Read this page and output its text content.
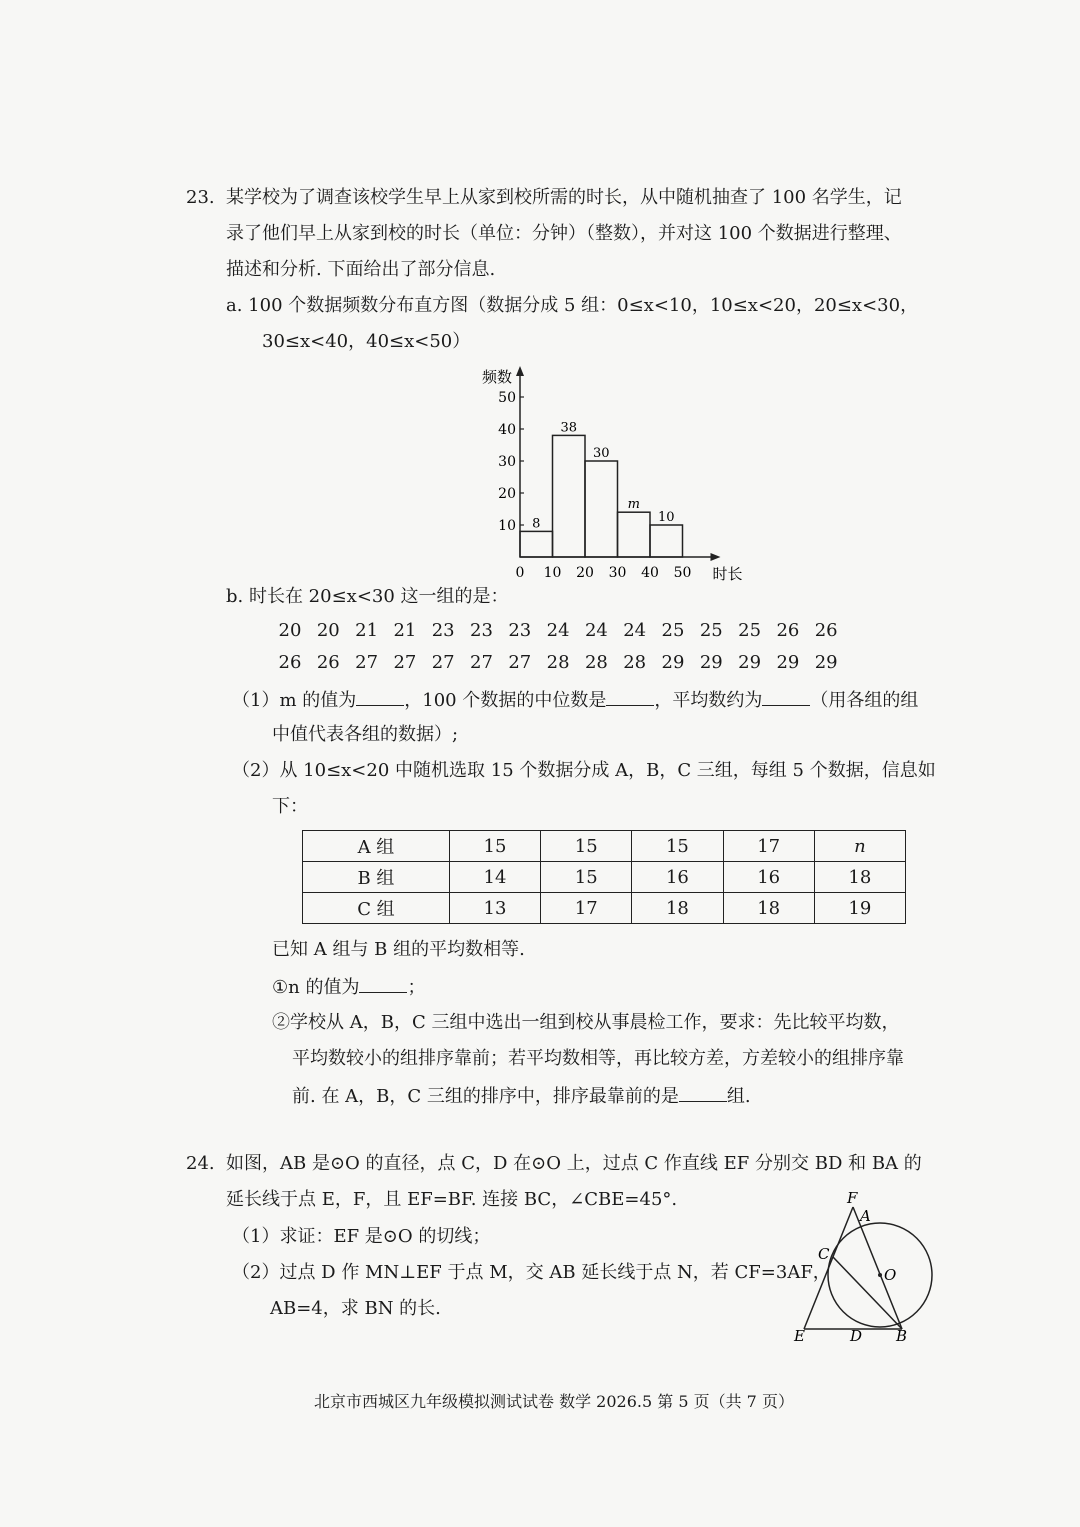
23. 某学校为了调查该校学生早上从家到校所需的时长，从中随机抽查了 100 名学生，记
录了他们早上从家到校的时长（单位：分钟）（整数），并对这 100 个数据进行整理、
描述和分析. 下面给出了部分信息.
a. 100 个数据频数分布直方图（数据分成 5 组：0≤x<10，10≤x<20，20≤x<30，
30≤x<40，40≤x<50）
频数
时长
10
20
30
40
50
0 10 20 30 40 50
8
38
30
m
10
b. 时长在 20≤x<30 这一组的是：
20 20 21 21 23 23 23 24 24 24 25 25 25 26 26
26 26 27 27 27 27 27 28 28 28 29 29 29 29 29
（1）m 的值为	，100 个数据的中位数是	，平均数约为	（用各组的组
中值代表各组的数据）;
（2）从 10≤x<20 中随机选取 15 个数据分成 A，B，C 三组，每组 5 个数据，信息如
下：
A 组	15	15	15	17	n
B 组	14	15	16	16	18
C 组	13	17	18	18	19
已知 A 组与 B 组的平均数相等.
①n 的值为	；
②学校从 A，B，C 三组中选出一组到校从事晨检工作，要求：先比较平均数，
平均数较小的组排序靠前；若平均数相等，再比较方差，方差较小的组排序靠
前. 在 A，B，C 三组的排序中，排序最靠前的是	组.
24. 如图，AB 是⊙O 的直径，点 C，D 在⊙O 上，过点 C 作直线 EF 分别交 BD 和 BA 的
延长线于点 E，F，且 EF=BF. 连接 BC，∠CBE=45°.
（1）求证：EF 是⊙O 的切线；
（2）过点 D 作 MN⊥EF 于点 M，交 AB 延长线于点 N，若 CF=3AF，
AB=4，求 BN 的长.
F
A
C
O
E	D B
北京市西城区九年级模拟测试试卷 数学 2026.5 第 5 页（共 7 页）
